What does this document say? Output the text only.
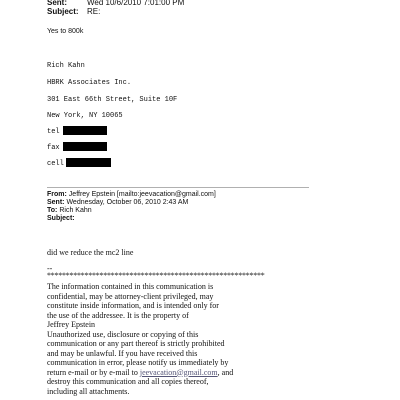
Sent:	Wed 10/6/2010 7:01:00 PM
Subject: RE:
Yes to 800k
Rich Kahn
HBRK Associates Inc.
301 East 66th Street, Suite 10F
New York, NY 10065
tel
fax
cell
From: Jeffrey Epstein [mailto:jeevacation@gmail.com]
Sent: Wednesday, October 06, 2010 2:43 AM
To: Rich Kahn
Subject:
did we reduce the mc2 line
--
**********************************************************
The information contained in this communication is
confidential, may be attorney-client privileged, may
constitute inside information, and is intended only for
the use of the addressee. It is the property of
Jeffrey Epstein
Unauthorized use, disclosure or copying of this
communication or any part thereof is strictly prohibited
and may be unlawful. If you have received this
communication in error, please notify us immediately by
return e-mail or by e-mail to jeevacation@gmail.com, and
destroy this communication and all copies thereof,
including all attachments.
